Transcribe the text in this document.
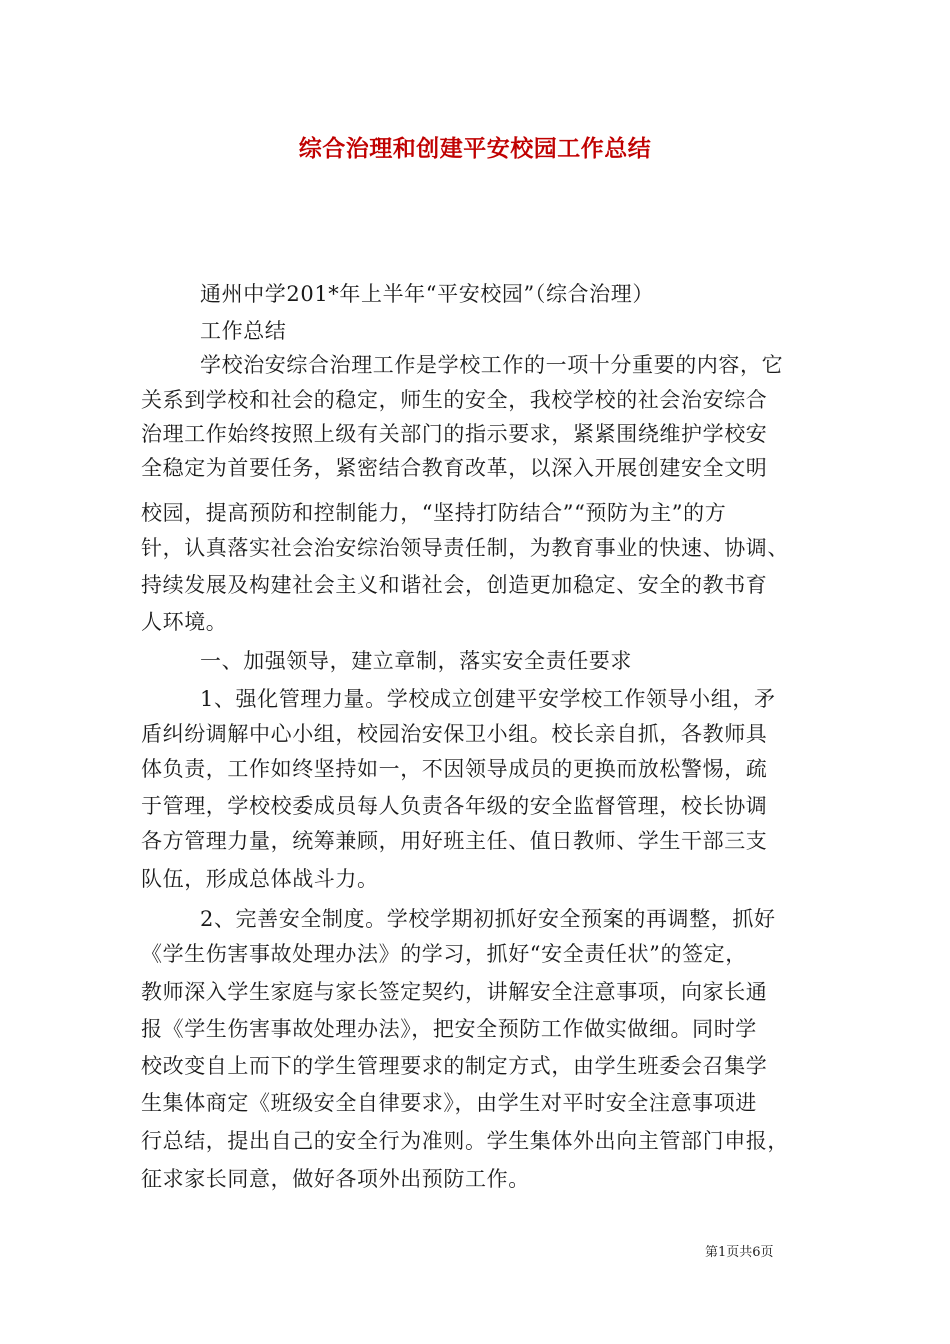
综合治理和创建平安校园工作总结
通州中学201*年上半年“平安校园”（综合治理）
工作总结
学校治安综合治理工作是学校工作的一项十分重要的内容，它
关系到学校和社会的稳定，师生的安全，我校学校的社会治安综合
治理工作始终按照上级有关部门的指示要求，紧紧围绕维护学校安
全稳定为首要任务，紧密结合教育改革，以深入开展创建安全文明
校园，提高预防和控制能力，“坚持打防结合”“预防为主”的方
针，认真落实社会治安综治领导责任制，为教育事业的快速、协调、
持续发展及构建社会主义和谐社会，创造更加稳定、安全的教书育
人环境。
一、加强领导，建立章制，落实安全责任要求
1、强化管理力量。学校成立创建平安学校工作领导小组，矛
盾纠纷调解中心小组，校园治安保卫小组。校长亲自抓，各教师具
体负责，工作如终坚持如一，不因领导成员的更换而放松警惕，疏
于管理，学校校委成员每人负责各年级的安全监督管理，校长协调
各方管理力量，统筹兼顾，用好班主任、值日教师、学生干部三支
队伍，形成总体战斗力。
2、完善安全制度。学校学期初抓好安全预案的再调整，抓好
《学生伤害事故处理办法》的学习，抓好“安全责任状”的签定，
教师深入学生家庭与家长签定契约，讲解安全注意事项，向家长通
报《学生伤害事故处理办法》，把安全预防工作做实做细。同时学
校改变自上而下的学生管理要求的制定方式，由学生班委会召集学
生集体商定《班级安全自律要求》，由学生对平时安全注意事项进
行总结，提出自己的安全行为准则。学生集体外出向主管部门申报，
征求家长同意，做好各项外出预防工作。
第1页共6页
